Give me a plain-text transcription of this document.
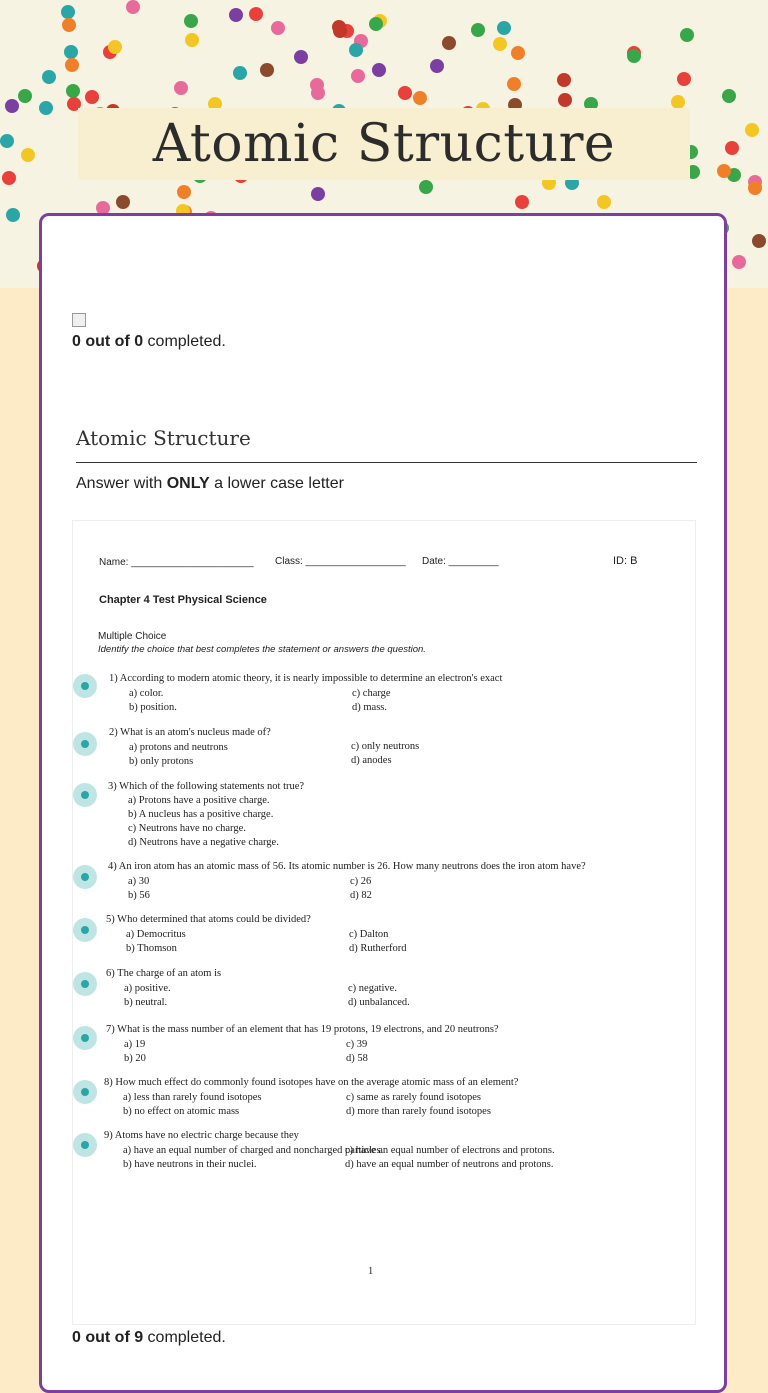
Atomic Structure
0 out of 0 completed.
Atomic Structure
Answer with ONLY a lower case letter
Name: ______________________ Class: __________________ Date: _________	ID: B
Chapter 4 Test Physical Science
Multiple Choice
Identify the choice that best completes the statement or answers the question.
1
1) According to modern atomic theory, it is nearly impossible to determine an electron's exact
a) color.
b) position.
c) charge
d) mass.
2) What is an atom's nucleus made of?
a) protons and neutrons
b) only protons
c) only neutrons
d) anodes
3) Which of the following statements not true?
a) Protons have a positive charge.
b) A nucleus has a positive charge.
c) Neutrons have no charge.
d) Neutrons have a negative charge.
4) An iron atom has an atomic mass of 56. Its atomic number is 26. How many neutrons does the iron atom have?
a) 30
b) 56
c) 26
d) 82
5) Who determined that atoms could be divided?
a) Democritus
b) Thomson
c) Dalton
d) Rutherford
6) The charge of an atom is
a) positive.
b) neutral.
c) negative.
d) unbalanced.
7) What is the mass number of an element that has 19 protons, 19 electrons, and 20 neutrons?
a) 19
b) 20
c) 39
d) 58
8) How much effect do commonly found isotopes have on the average atomic mass of an element?
a) less than rarely found isotopes
b) no effect on atomic mass
c) same as rarely found isotopes
d) more than rarely found isotopes
9) Atoms have no electric charge because they
a) have an equal number of charged and noncharged particles.
b) have neutrons in their nuclei.
c) have an equal number of electrons and protons.
d) have an equal number of neutrons and protons.
0 out of 9 completed.
